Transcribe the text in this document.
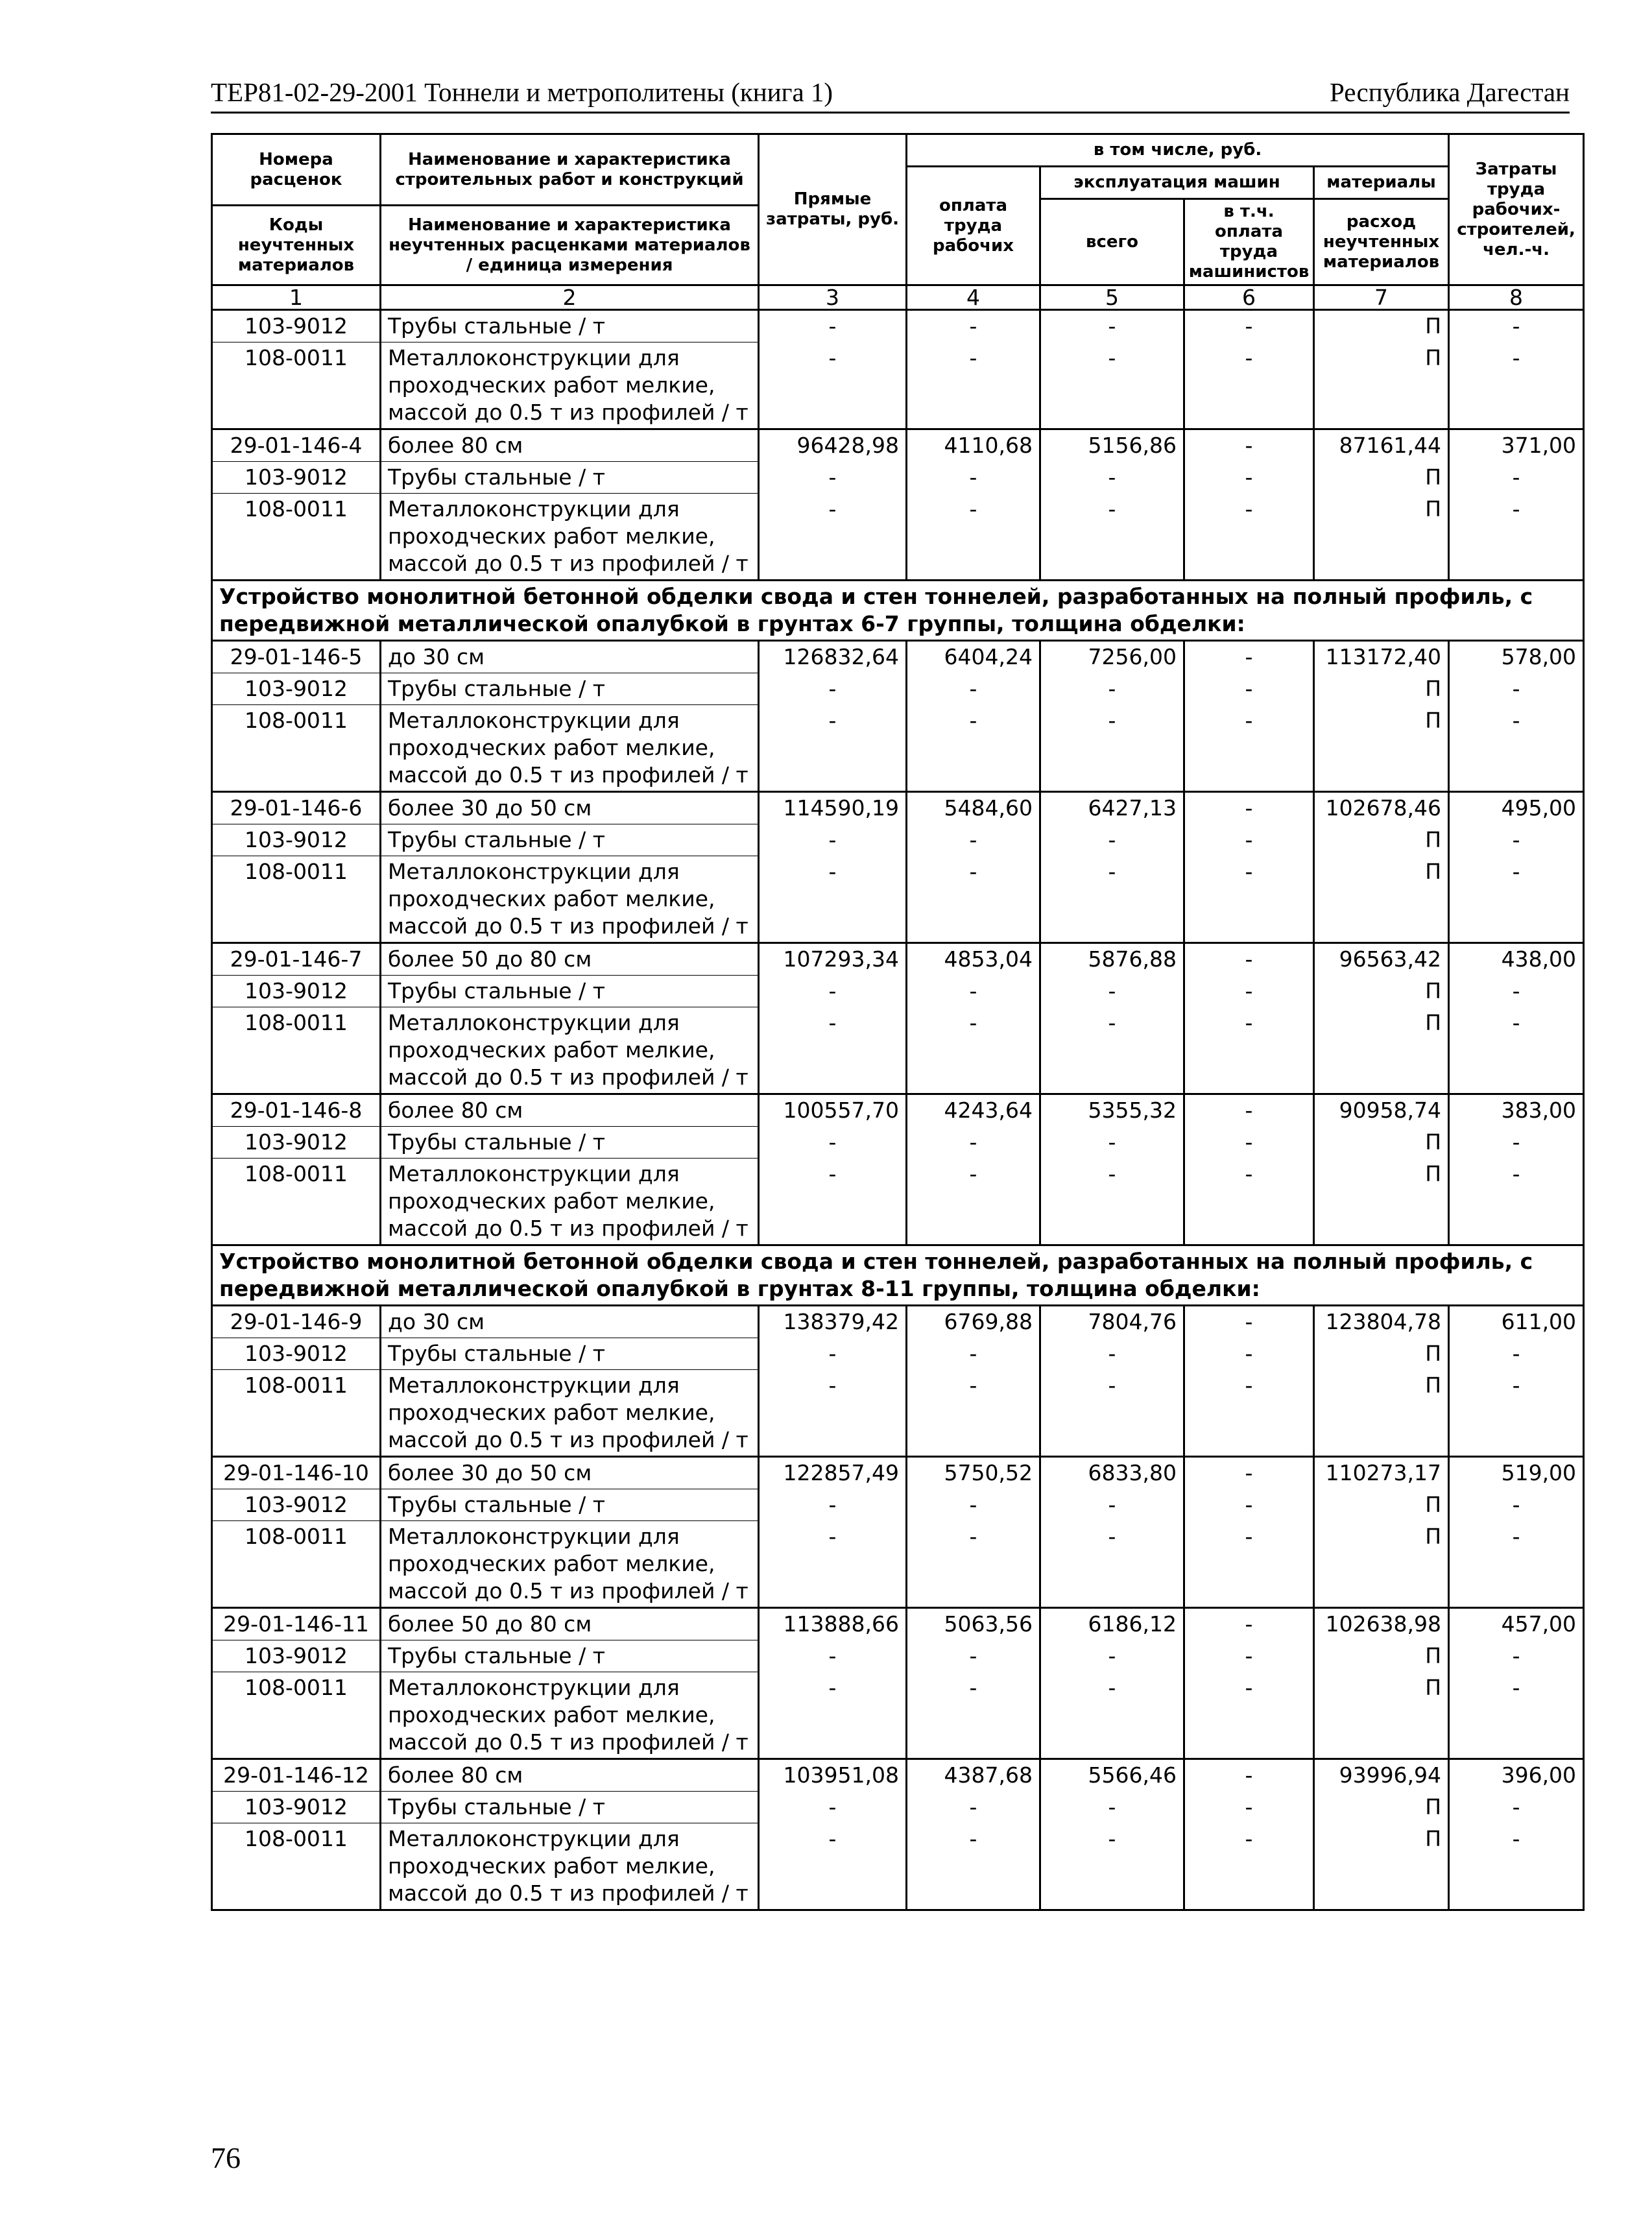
ТЕР81-02-29-2001 Тоннели и метрополитены (книга 1)	Республика Дагестан
Номера расценок	Наименование и характеристика строительных работ и конструкций	Прямые затраты, руб.	в том числе, руб.				Затраты труда рабочих-строителей, чел.-ч.
			оплата труда рабочих	эксплуатация машин		материалы	
				всего	в т.ч. оплата труда машинистов	расход неучтенных материалов	
Коды неучтенных материалов	Наименование и характеристика неучтенных расценками материалов / единица измерения						

1	2	3	4	5	6	7	8
103-9012	Трубы стальные / т	-	-	-	-	П	-
108-0011	Металлоконструкции для проходческих работ мелкие, массой до 0.5 т из профилей / т	-	-	-	-	П	-
29-01-146-4	более 80 см	96428,98	4110,68	5156,86	-	87161,44	371,00
103-9012	Трубы стальные / т	-	-	-	-	П	-
108-0011	Металлоконструкции для проходческих работ мелкие, массой до 0.5 т из профилей / т	-	-	-	-	П	-
Устройство монолитной бетонной обделки свода и стен тоннелей, разработанных на полный профиль, с передвижной металлической опалубкой в грунтах 6-7 группы, толщина обделки:							
29-01-146-5	до 30 см	126832,64	6404,24	7256,00	-	113172,40	578,00
103-9012	Трубы стальные / т	-	-	-	-	П	-
108-0011	Металлоконструкции для проходческих работ мелкие, массой до 0.5 т из профилей / т	-	-	-	-	П	-
29-01-146-6	более 30 до 50 см	114590,19	5484,60	6427,13	-	102678,46	495,00
103-9012	Трубы стальные / т	-	-	-	-	П	-
108-0011	Металлоконструкции для проходческих работ мелкие, массой до 0.5 т из профилей / т	-	-	-	-	П	-
29-01-146-7	более 50 до 80 см	107293,34	4853,04	5876,88	-	96563,42	438,00
103-9012	Трубы стальные / т	-	-	-	-	П	-
108-0011	Металлоконструкции для проходческих работ мелкие, массой до 0.5 т из профилей / т	-	-	-	-	П	-
29-01-146-8	более 80 см	100557,70	4243,64	5355,32	-	90958,74	383,00
103-9012	Трубы стальные / т	-	-	-	-	П	-
108-0011	Металлоконструкции для проходческих работ мелкие, массой до 0.5 т из профилей / т	-	-	-	-	П	-
Устройство монолитной бетонной обделки свода и стен тоннелей, разработанных на полный профиль, с передвижной металлической опалубкой в грунтах 8-11 группы, толщина обделки:							
29-01-146-9	до 30 см	138379,42	6769,88	7804,76	-	123804,78	611,00
103-9012	Трубы стальные / т	-	-	-	-	П	-
108-0011	Металлоконструкции для проходческих работ мелкие, массой до 0.5 т из профилей / т	-	-	-	-	П	-
29-01-146-10	более 30 до 50 см	122857,49	5750,52	6833,80	-	110273,17	519,00
103-9012	Трубы стальные / т	-	-	-	-	П	-
108-0011	Металлоконструкции для проходческих работ мелкие, массой до 0.5 т из профилей / т	-	-	-	-	П	-
29-01-146-11	более 50 до 80 см	113888,66	5063,56	6186,12	-	102638,98	457,00
103-9012	Трубы стальные / т	-	-	-	-	П	-
108-0011	Металлоконструкции для проходческих работ мелкие, массой до 0.5 т из профилей / т	-	-	-	-	П	-
29-01-146-12	более 80 см	103951,08	4387,68	5566,46	-	93996,94	396,00
103-9012	Трубы стальные / т	-	-	-	-	П	-
108-0011	Металлоконструкции для проходческих работ мелкие, массой до 0.5 т из профилей / т	-	-	-	-	П	-
76
